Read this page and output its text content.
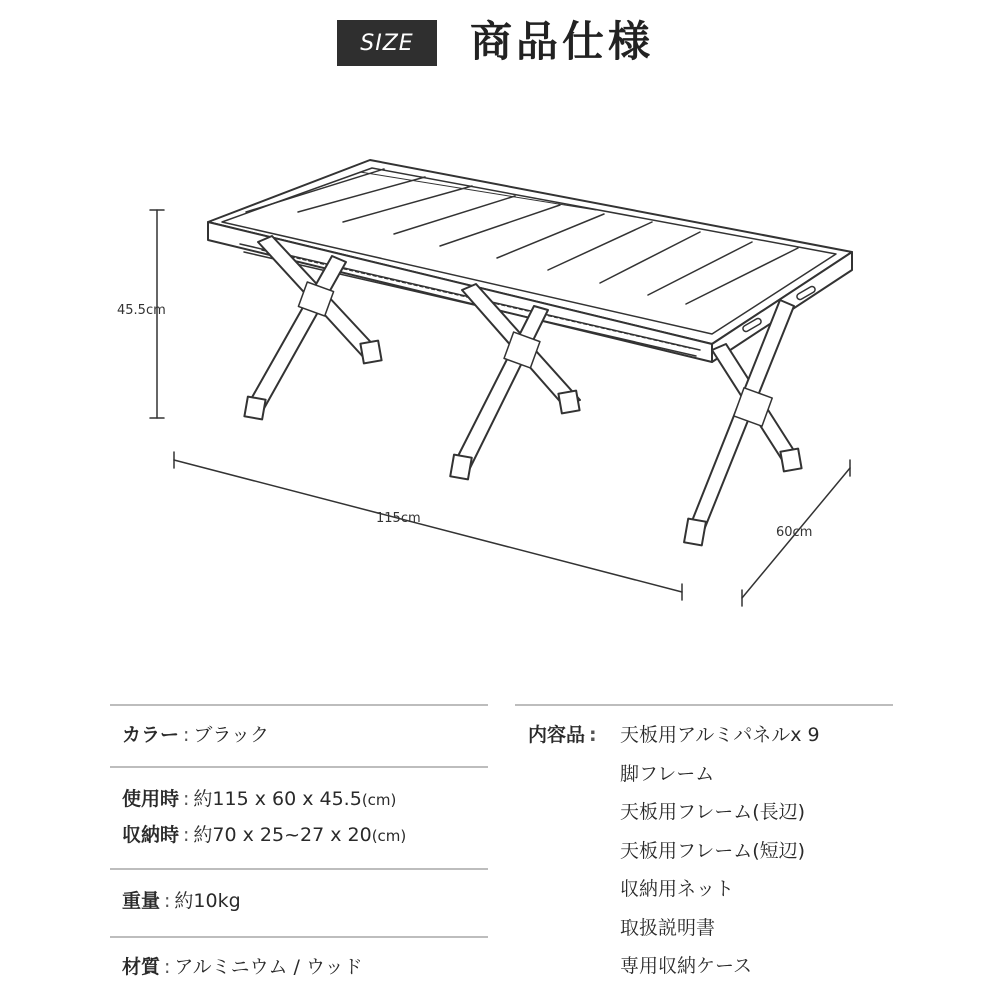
SIZE	商品仕様
45.5cm
115cm
60cm
カラー : ブラック
使用時 : 約115 x 60 x 45.5(cm)
収納時 : 約70 x 25~27 x 20(cm)
重量 : 約10kg
材質 : アルミニウム / ウッド
内容品 : 天板用アルミパネルx 9
脚フレーム
天板用フレーム(長辺)
天板用フレーム(短辺)
収納用ネット
取扱説明書
専用収納ケース
